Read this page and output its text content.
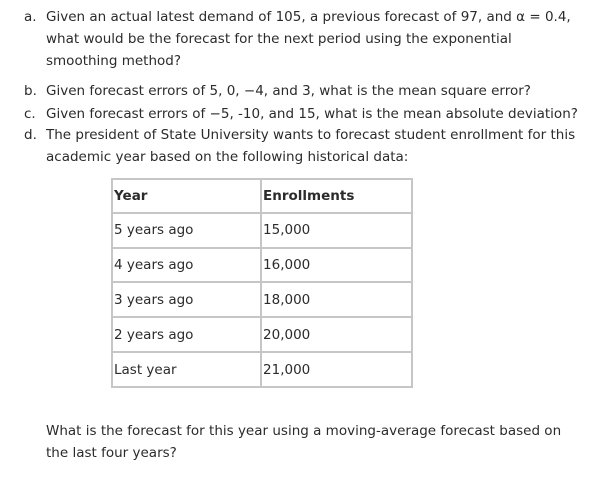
a. Given an actual latest demand of 105, a previous forecast of 97, and α = 0.4, what would be the forecast for the next period using the exponential smoothing method?
b. Given forecast errors of 5, 0, −4, and 3, what is the mean square error?
c. Given forecast errors of −5, -10, and 15, what is the mean absolute deviation?
d. The president of State University wants to forecast student enrollment for this academic year based on the following historical data:
Year	Enrollments
5 years ago	15,000
4 years ago	16,000
3 years ago	18,000
2 years ago	20,000
Last year	21,000
What is the forecast for this year using a moving-average forecast based on the last four years?
